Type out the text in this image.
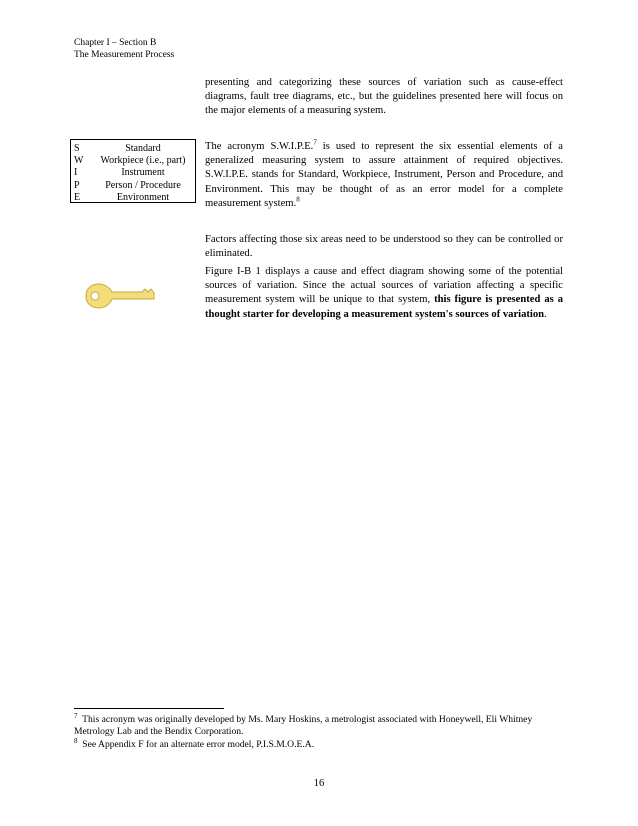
Chapter I – Section B
The Measurement Process

presenting and categorizing these sources of variation such as cause-effect diagrams, fault tree diagrams, etc., but the guidelines presented here will focus on the major elements of a measuring system.

S	Standard
W	Workpiece (i.e., part)
I	Instrument
P	Person / Procedure
E	Environment

The acronym S.W.I.P.E.$^7$ is used to represent the six essential elements of a generalized measuring system to assure attainment of required objectives. S.W.I.P.E. stands for Standard, Workpiece, Instrument, Person and Procedure, and Environment. This may be thought of as an error model for a complete measurement system.$^8$

Factors affecting those six areas need to be understood so they can be controlled or eliminated.

Figure I-B 1 displays a cause and effect diagram showing some of the potential sources of variation. Since the actual sources of variation affecting a specific measurement system will be unique to that system, this figure is presented as a thought starter for developing a measurement system's sources of variation.

$^7$ This acronym was originally developed by Ms. Mary Hoskins, a metrologist associated with Honeywell, Eli Whitney Metrology Lab and the Bendix Corporation.

$^8$ See Appendix F for an alternate error model, P.I.S.M.O.E.A.

16
